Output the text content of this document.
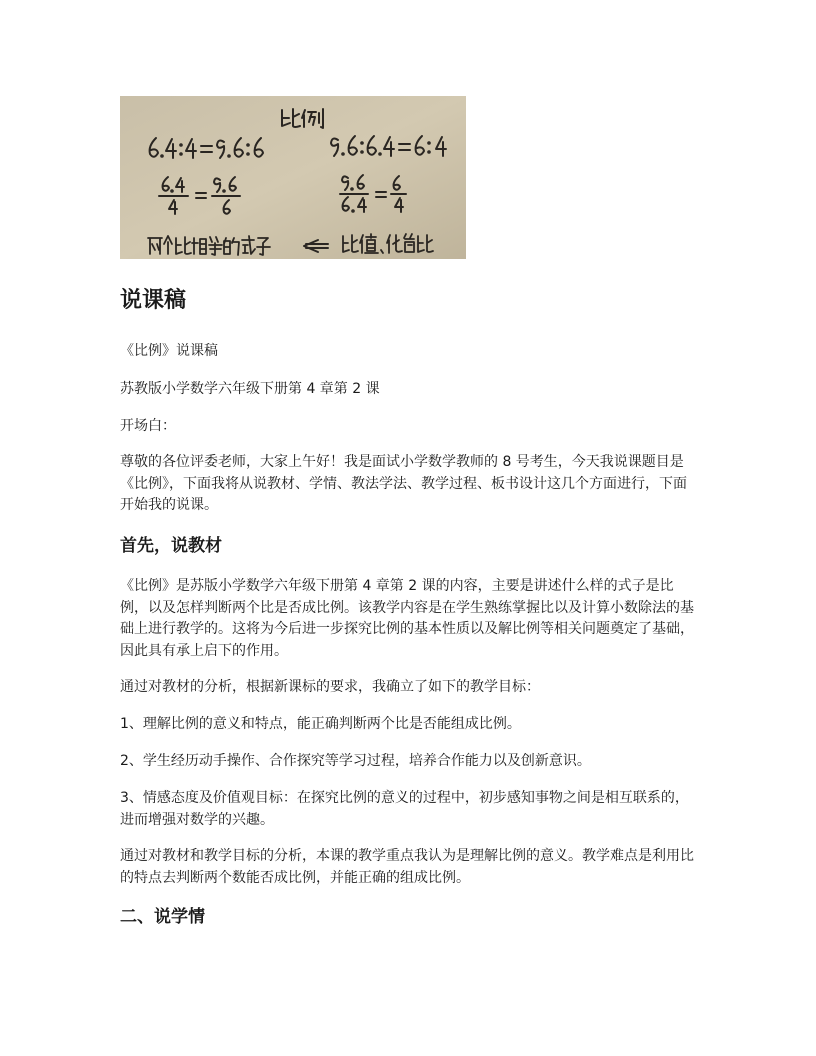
说课稿

《比例》说课稿

苏教版小学数学六年级下册第 4 章第 2 课

开场白：

尊敬的各位评委老师，大家上午好！我是面试小学数学教师的 8 号考生，今天我说课题目是《比例》，下面我将从说教材、学情、教法学法、教学过程、板书设计这几个方面进行，下面开始我的说课。

首先，说教材

《比例》是苏版小学数学六年级下册第 4 章第 2 课的内容，主要是讲述什么样的式子是比例，以及怎样判断两个比是否成比例。该教学内容是在学生熟练掌握比以及计算小数除法的基础上进行教学的。这将为今后进一步探究比例的基本性质以及解比例等相关问题奠定了基础，因此具有承上启下的作用。

通过对教材的分析，根据新课标的要求，我确立了如下的教学目标：

1、理解比例的意义和特点，能正确判断两个比是否能组成比例。

2、学生经历动手操作、合作探究等学习过程，培养合作能力以及创新意识。

3、情感态度及价值观目标：在探究比例的意义的过程中，初步感知事物之间是相互联系的，进而增强对数学的兴趣。

通过对教材和教学目标的分析，本课的教学重点我认为是理解比例的意义。教学难点是利用比的特点去判断两个数能否成比例，并能正确的组成比例。

二、说学情
